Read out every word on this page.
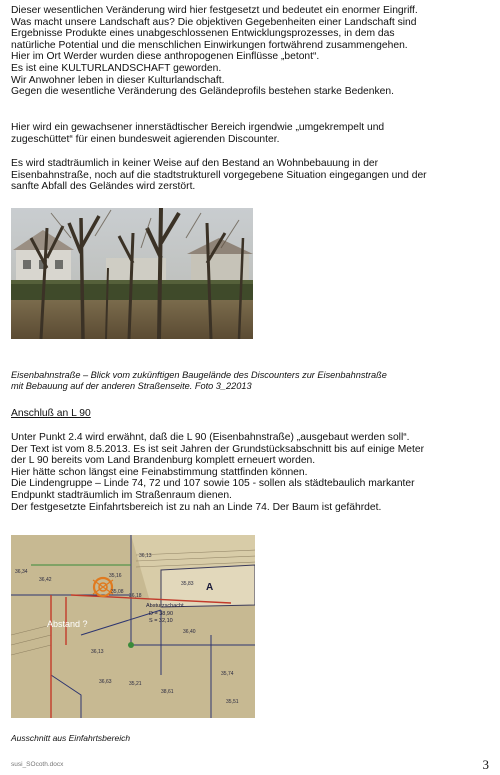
Dieser wesentlichen Veränderung wird hier festgesetzt und bedeutet ein enormer Eingriff.

Was macht unsere Landschaft aus? Die objektiven Gegebenheiten einer Landschaft sind

Ergebnisse Produkte eines unabgeschlossenen Entwicklungsprozesses, in dem das

natürliche Potential und die menschlichen Einwirkungen fortwährend zusammengehen.

Hier im Ort Werder wurden diese anthropogenen Einflüsse „betont“.

Es ist eine KULTURLANDSCHAFT geworden.

Wir Anwohner leben in dieser Kulturlandschaft.

Gegen die wesentliche Veränderung des Geländeprofils bestehen starke Bedenken.

Hier wird ein gewachsener innerstädtischer Bereich irgendwie „umgekrempelt und

zugeschüttet“ für einen bundesweit agierenden Discounter.

Es wird stadträumlich in keiner Weise auf den Bestand an Wohnbebauung in der

Eisenbahnstraße, noch auf die stadtstrukturell vorgegebene Situation eingegangen und der

sanfte Abfall des Geländes wird zerstört.

Eisenbahnstraße – Blick vom zukünftigen Baugelände des Discounters zur Eisenbahnstraße
mit Bebauung auf der anderen Straßenseite. Foto 3_22013
Anschluß an L 90

Unter Punkt 2.4 wird erwähnt, daß die L 90 (Eisenbahnstraße) „ausgebaut werden soll“.

Der Text ist vom 8.5.2013. Es ist seit Jahren der Grundstücksabschnitt bis auf einige Meter

der L 90 bereits vom Land Brandenburg komplett erneuert worden.

Hier hätte schon längst eine Feinabstimmung stattfinden können.

Die Lindengruppe – Linde 74, 72 und 107 sowie 105 - sollen als städtebaulich markanter

Endpunkt stadträumlich im Straßenraum dienen.

Der festgesetzte Einfahrtsbereich ist zu nah an Linde 74. Der Baum ist gefährdet.

Abstand ?
A
Absturzschacht
D = 38,90
S = 32,10
36,13
36,34
35,16
36,42
35,08
36,18
35,83
36,40
35,74
35,51
36,13
36,63	35,21
38,61
Ausschnitt aus Einfahrtsbereich
susi_SOcoth.docx	3
